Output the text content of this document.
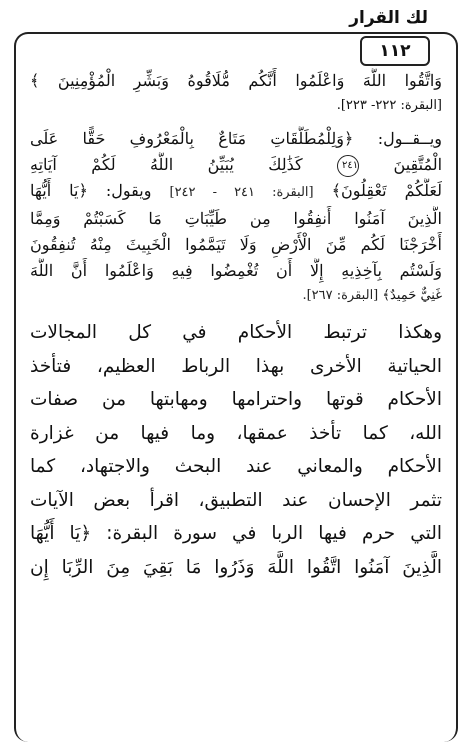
لك القرار
١١٢

وَاتَّقُوا اللَّهَ وَاعْلَمُوا أَنَّكُم مُّلَاقُوهُ وَبَشِّرِ الْمُؤْمِنِينَ ﴾

[البقرة: ٢٢٢- ٢٢٣].

ويــقــول: ﴿وَلِلْمُطَلَّقَاتِ مَتَاعٌ بِالْمَعْرُوفِ حَقًّا عَلَى

الْمُتَّقِينَ ٢٤١ كَذَٰلِكَ يُبَيِّنُ اللَّهُ لَكُمْ آيَاتِهِ

لَعَلَّكُمْ تَعْقِلُونَ﴾ [البقرة: ٢٤١ - ٢٤٢] ويقول: ﴿يَا أَيُّهَا

الَّذِينَ آمَنُوا أَنفِقُوا مِن طَيِّبَاتِ مَا كَسَبْتُمْ وَمِمَّا

أَخْرَجْنَا لَكُم مِّنَ الْأَرْضِ وَلَا تَيَمَّمُوا الْخَبِيثَ مِنْهُ تُنفِقُونَ

وَلَسْتُم بِآخِذِيهِ إِلَّا أَن تُغْمِضُوا فِيهِ وَاعْلَمُوا أَنَّ اللَّهَ

غَنِيٌّ حَمِيدٌ﴾ [البقرة: ٢٦٧].

وهكذا ترتبط الأحكام في كل المجالات

الحياتية الأخرى بهذا الرباط العظيم، فتأخذ

الأحكام قوتها واحترامها ومهابتها من صفات

الله، كما تأخذ عمقها، وما فيها من غزارة

الأحكام والمعاني عند البحث والاجتهاد، كما

تثمر الإحسان عند التطبيق، اقرأ بعض الآيات

التي حرم فيها الربا في سورة البقرة: ﴿يَا أَيُّهَا

الَّذِينَ آمَنُوا اتَّقُوا اللَّهَ وَذَرُوا مَا بَقِيَ مِنَ الرِّبَا إِن
